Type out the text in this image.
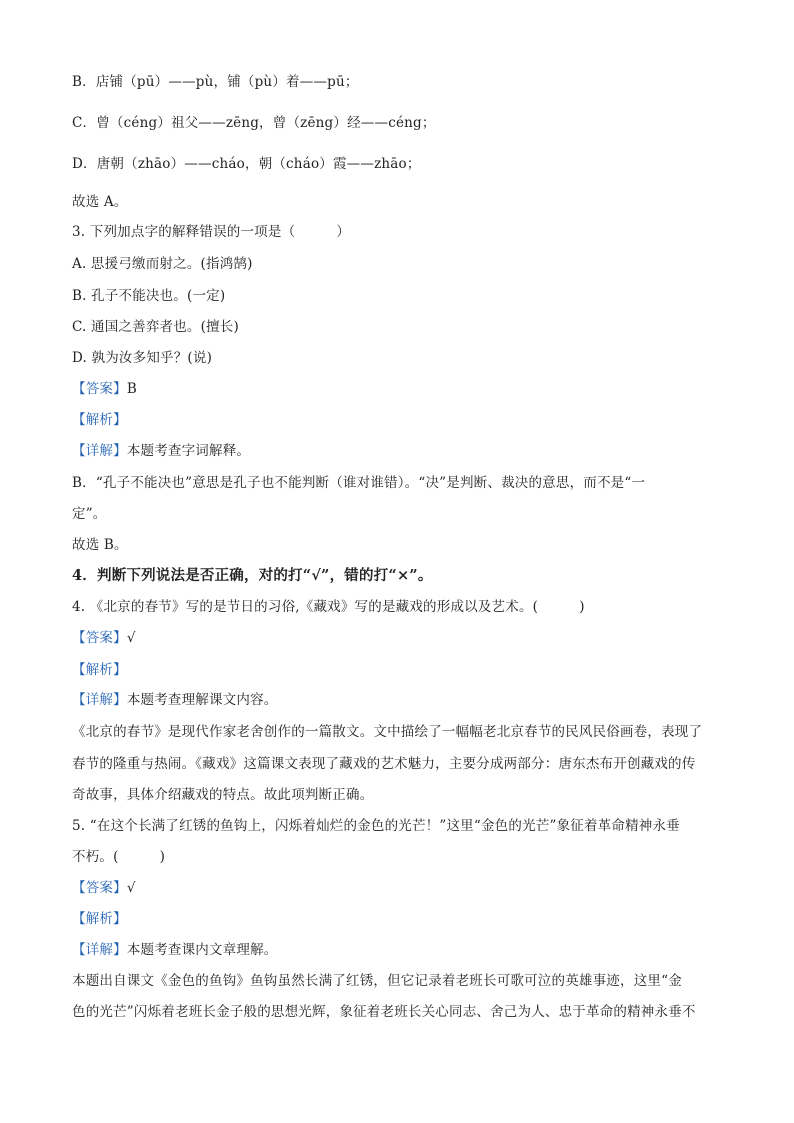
B．店铺（pū）——pù，铺（pù）着——pū；
C．曾（céng）祖父——zēng，曾（zēng）经——céng；
D．唐朝（zhāo）——cháo，朝（cháo）霞——zhāo；
故选 A。
3. 下列加点字的解释错误的一项是（　　　）
A. 思援弓缴而射之。(指鸿鹄)
B. 孔子不能决也。(一定)
C. 通国之善弈者也。(擅长)
D. 孰为汝多知乎？(说)
【答案】B
【解析】
【详解】本题考查字词解释。
B．“孔子不能决也”意思是孔子也不能判断（谁对谁错）。“决”是判断、裁决的意思，而不是“一
定”。
故选 B。
4．判断下列说法是否正确，对的打“√”，错的打“×”。
4. 《北京的春节》写的是节日的习俗,《藏戏》写的是藏戏的形成以及艺术。(　　　)
【答案】√
【解析】
【详解】本题考查理解课文内容。
《北京的春节》是现代作家老舍创作的一篇散文。文中描绘了一幅幅老北京春节的民风民俗画卷，表现了
春节的隆重与热闹。《藏戏》这篇课文表现了藏戏的艺术魅力，主要分成两部分：唐东杰布开创藏戏的传
奇故事，具体介绍藏戏的特点。故此项判断正确。
5. “在这个长满了红锈的鱼钩上，闪烁着灿烂的金色的光芒！”这里“金色的光芒”象征着革命精神永垂
不朽。(　　　)
【答案】√
【解析】
【详解】本题考查课内文章理解。
本题出自课文《金色的鱼钩》鱼钩虽然长满了红锈，但它记录着老班长可歌可泣的英雄事迹，这里“金
色的光芒”闪烁着老班长金子般的思想光辉，象征着老班长关心同志、舍己为人、忠于革命的精神永垂不
